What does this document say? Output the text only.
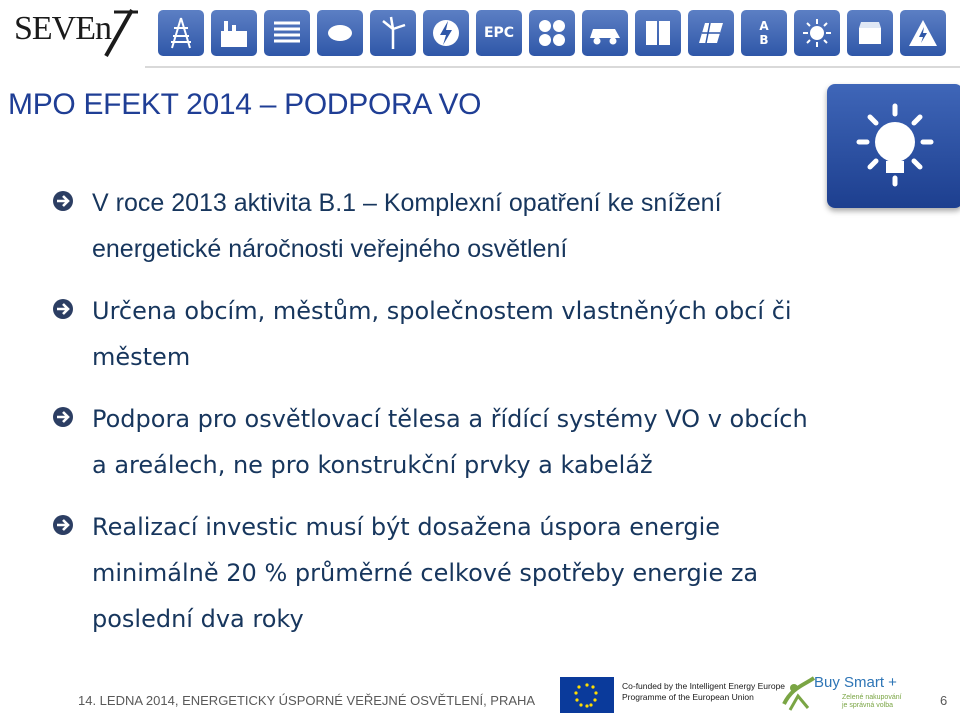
SEVEn	EPC	A
B
MPO EFEKT 2014 – PODPORA VO
V roce 2013 aktivita B.1 – Komplexní opatření ke snížení
energetické náročnosti veřejného osvětlení
Určena obcím, městům, společnostem vlastněných obcí či
městem
Podpora pro osvětlovací tělesa a řídící systémy VO v obcích
a areálech, ne pro konstrukční prvky a kabeláž
Realizací investic musí být dosažena úspora energie
minimálně 20 % průměrné celkové spotřeby energie za
poslední dva roky
14. LEDNA 2014, ENERGETICKY ÚSPORNÉ VEŘEJNÉ OSVĚTLENÍ, PRAHA
Co-funded by the Intelligent Energy Europe
Programme of the European Union
Buy Smart +
Zelené nakupování
je správná volba	6
